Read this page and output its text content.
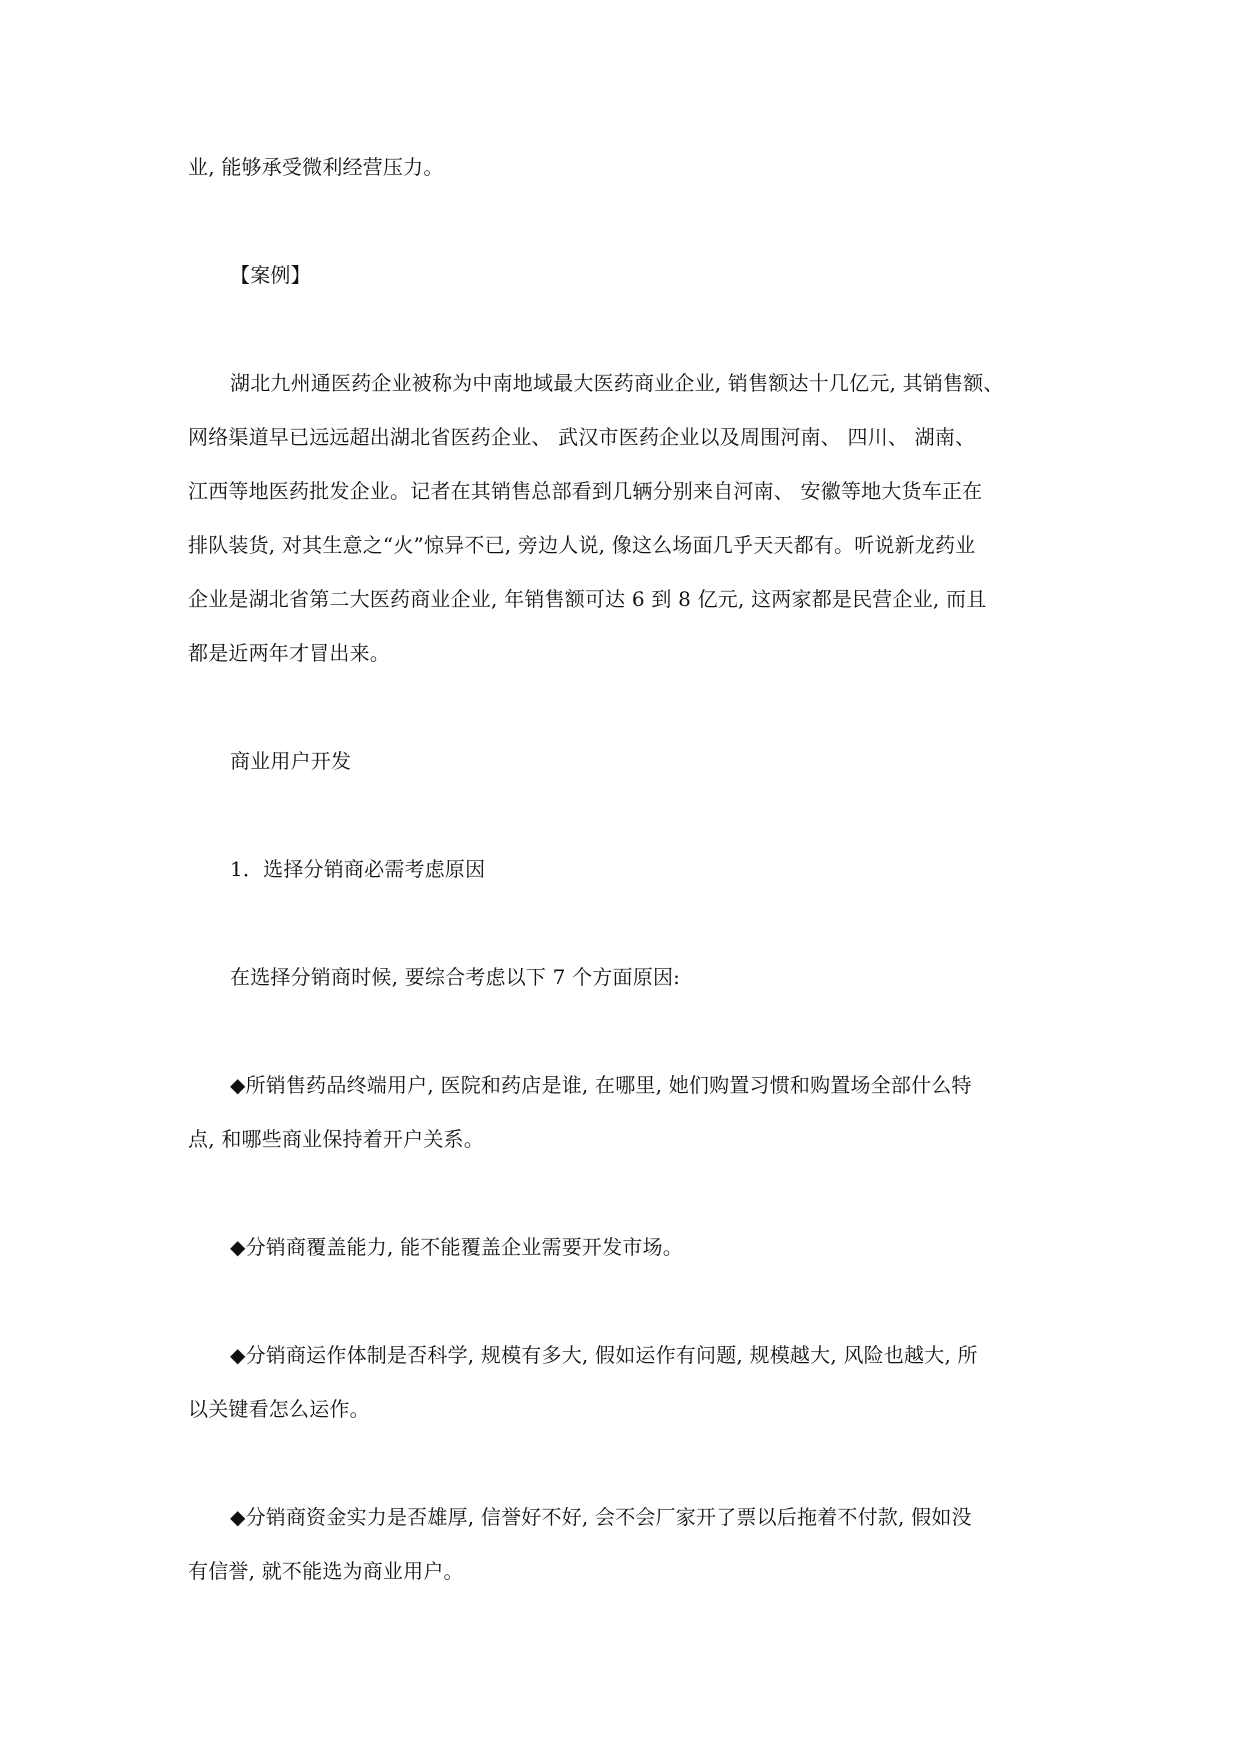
业, 能够承受微利经营压力。

【案例】

湖北九州通医药企业被称为中南地域最大医药商业企业, 销售额达十几亿元, 其销售额、
网络渠道早已远远超出湖北省医药企业、 武汉市医药企业以及周围河南、 四川、 湖南、
江西等地医药批发企业。记者在其销售总部看到几辆分别来自河南、 安徽等地大货车正在
排队装货, 对其生意之“火”惊异不已, 旁边人说, 像这么场面几乎天天都有。听说新龙药业
企业是湖北省第二大医药商业企业, 年销售额可达 6 到 8 亿元, 这两家都是民营企业, 而且
都是近两年才冒出来。

商业用户开发

1．选择分销商必需考虑原因

在选择分销商时候, 要综合考虑以下 7 个方面原因:

◆所销售药品终端用户, 医院和药店是谁, 在哪里, 她们购置习惯和购置场全部什么特
点, 和哪些商业保持着开户关系。

◆分销商覆盖能力, 能不能覆盖企业需要开发市场。

◆分销商运作体制是否科学, 规模有多大, 假如运作有问题, 规模越大, 风险也越大, 所
以关键看怎么运作。

◆分销商资金实力是否雄厚, 信誉好不好, 会不会厂家开了票以后拖着不付款, 假如没
有信誉, 就不能选为商业用户。
